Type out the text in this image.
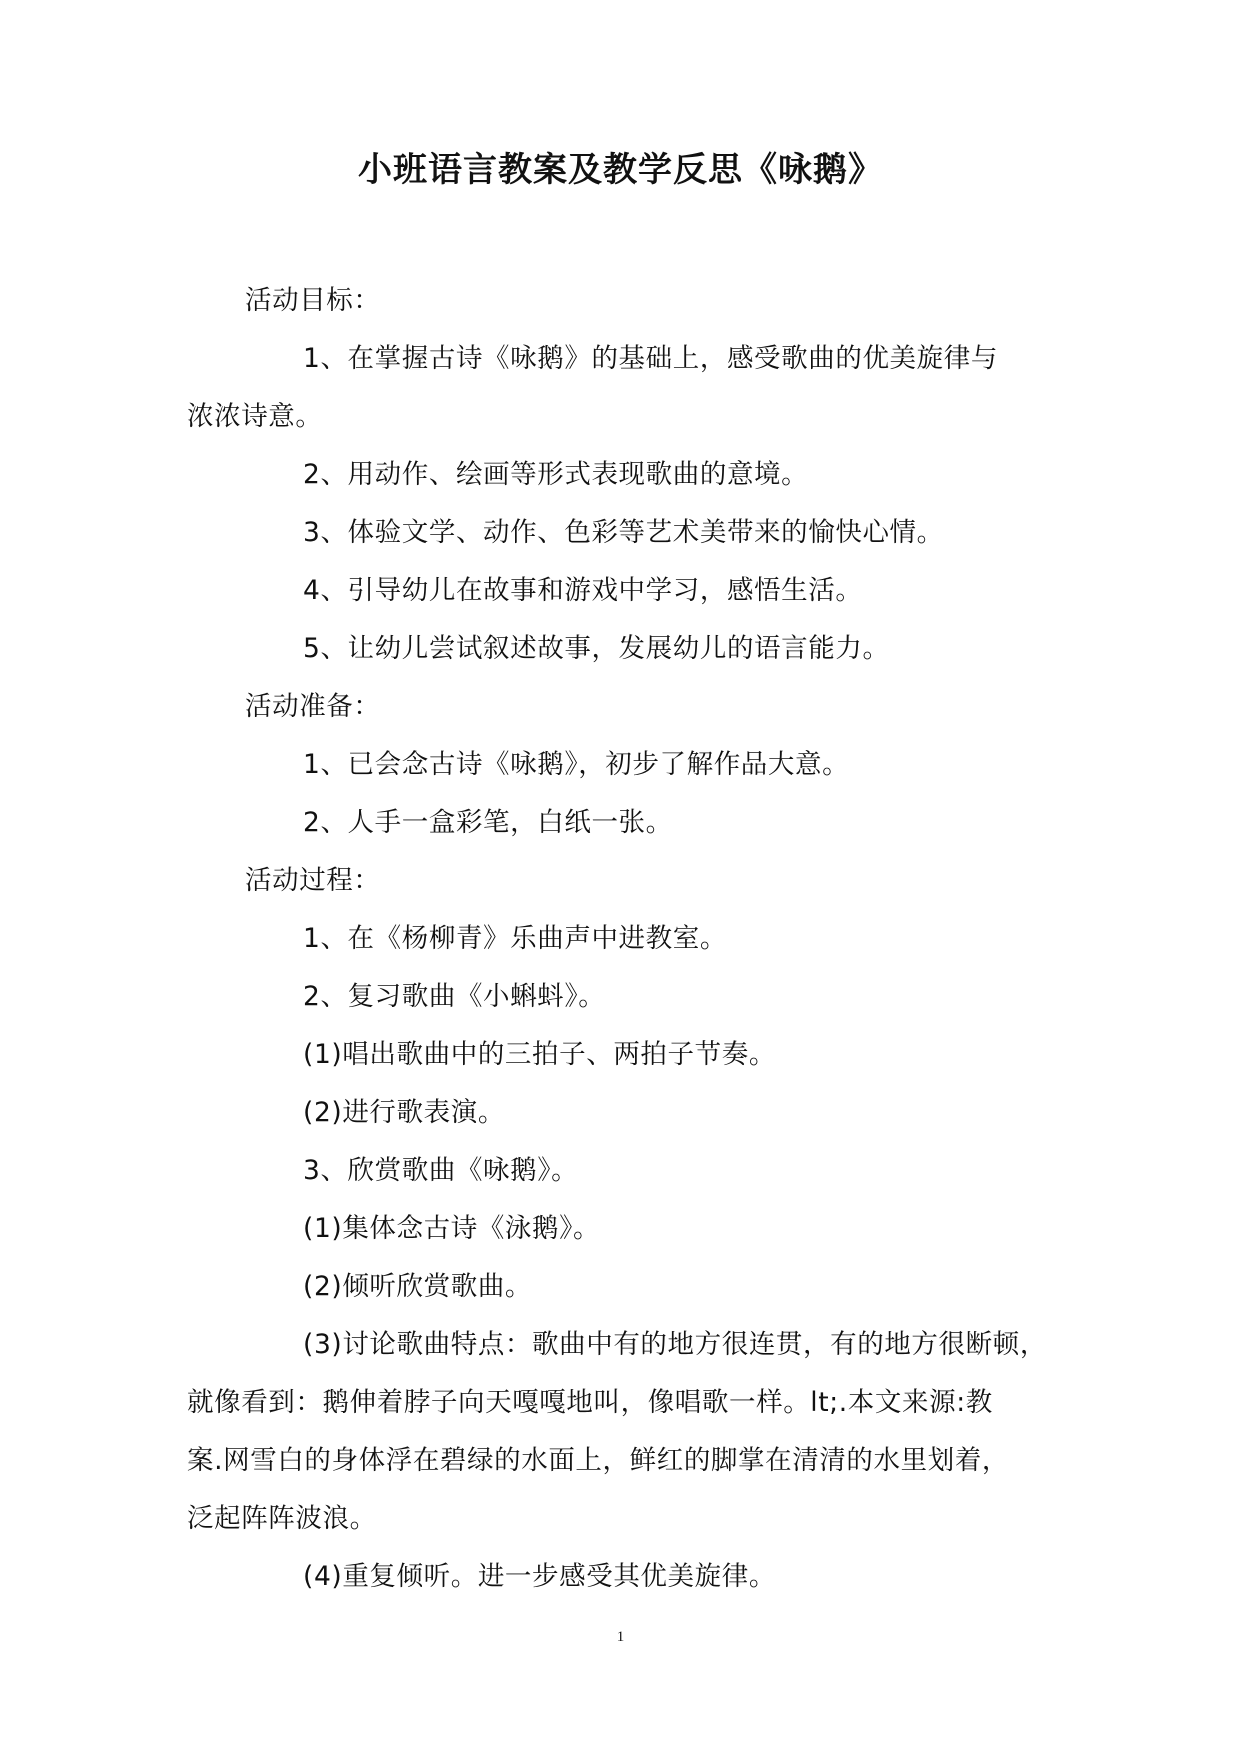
小班语言教案及教学反思《咏鹅》

活动目标：

1、在掌握古诗《咏鹅》的基础上，感受歌曲的优美旋律与

浓浓诗意。

2、用动作、绘画等形式表现歌曲的意境。

3、体验文学、动作、色彩等艺术美带来的愉快心情。

4、引导幼儿在故事和游戏中学习，感悟生活。

5、让幼儿尝试叙述故事，发展幼儿的语言能力。

活动准备：

1、已会念古诗《咏鹅》，初步了解作品大意。

2、人手一盒彩笔，白纸一张。

活动过程：

1、在《杨柳青》乐曲声中进教室。

2、复习歌曲《小蝌蚪》。

(1)唱出歌曲中的三拍子、两拍子节奏。

(2)进行歌表演。

3、欣赏歌曲《咏鹅》。

(1)集体念古诗《泳鹅》。

(2)倾听欣赏歌曲。

(3)讨论歌曲特点：歌曲中有的地方很连贯，有的地方很断顿，

就像看到：鹅伸着脖子向天嘎嘎地叫，像唱歌一样。lt;.本文来源:教

案.网雪白的身体浮在碧绿的水面上，鲜红的脚掌在清清的水里划着，

泛起阵阵波浪。

(4)重复倾听。进一步感受其优美旋律。

1
